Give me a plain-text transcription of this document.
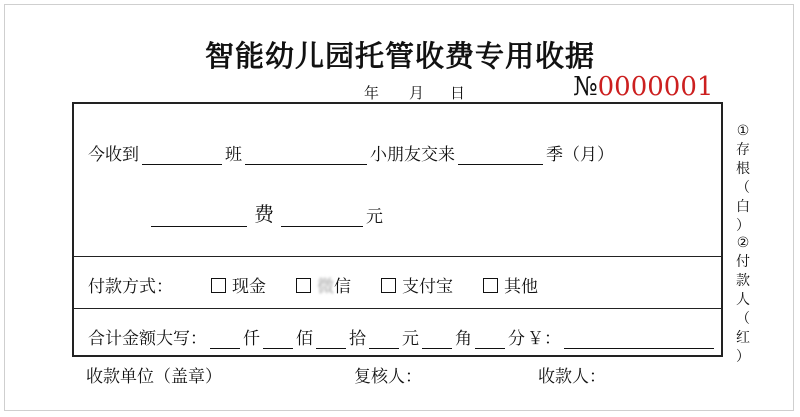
智能幼儿园托管收费专用收据
年 月 日	№0000001
今收到	班	小朋友交来	季（月）
费	元
付款方式：	现金	微 信	支付宝	其他
合计金额大写： 仟 佰 拾 元 角 分 ￥：
①
存
根
（
白
）
②
付
款
人
（
红
）
收款单位（盖章）	复核人：	收款人：
